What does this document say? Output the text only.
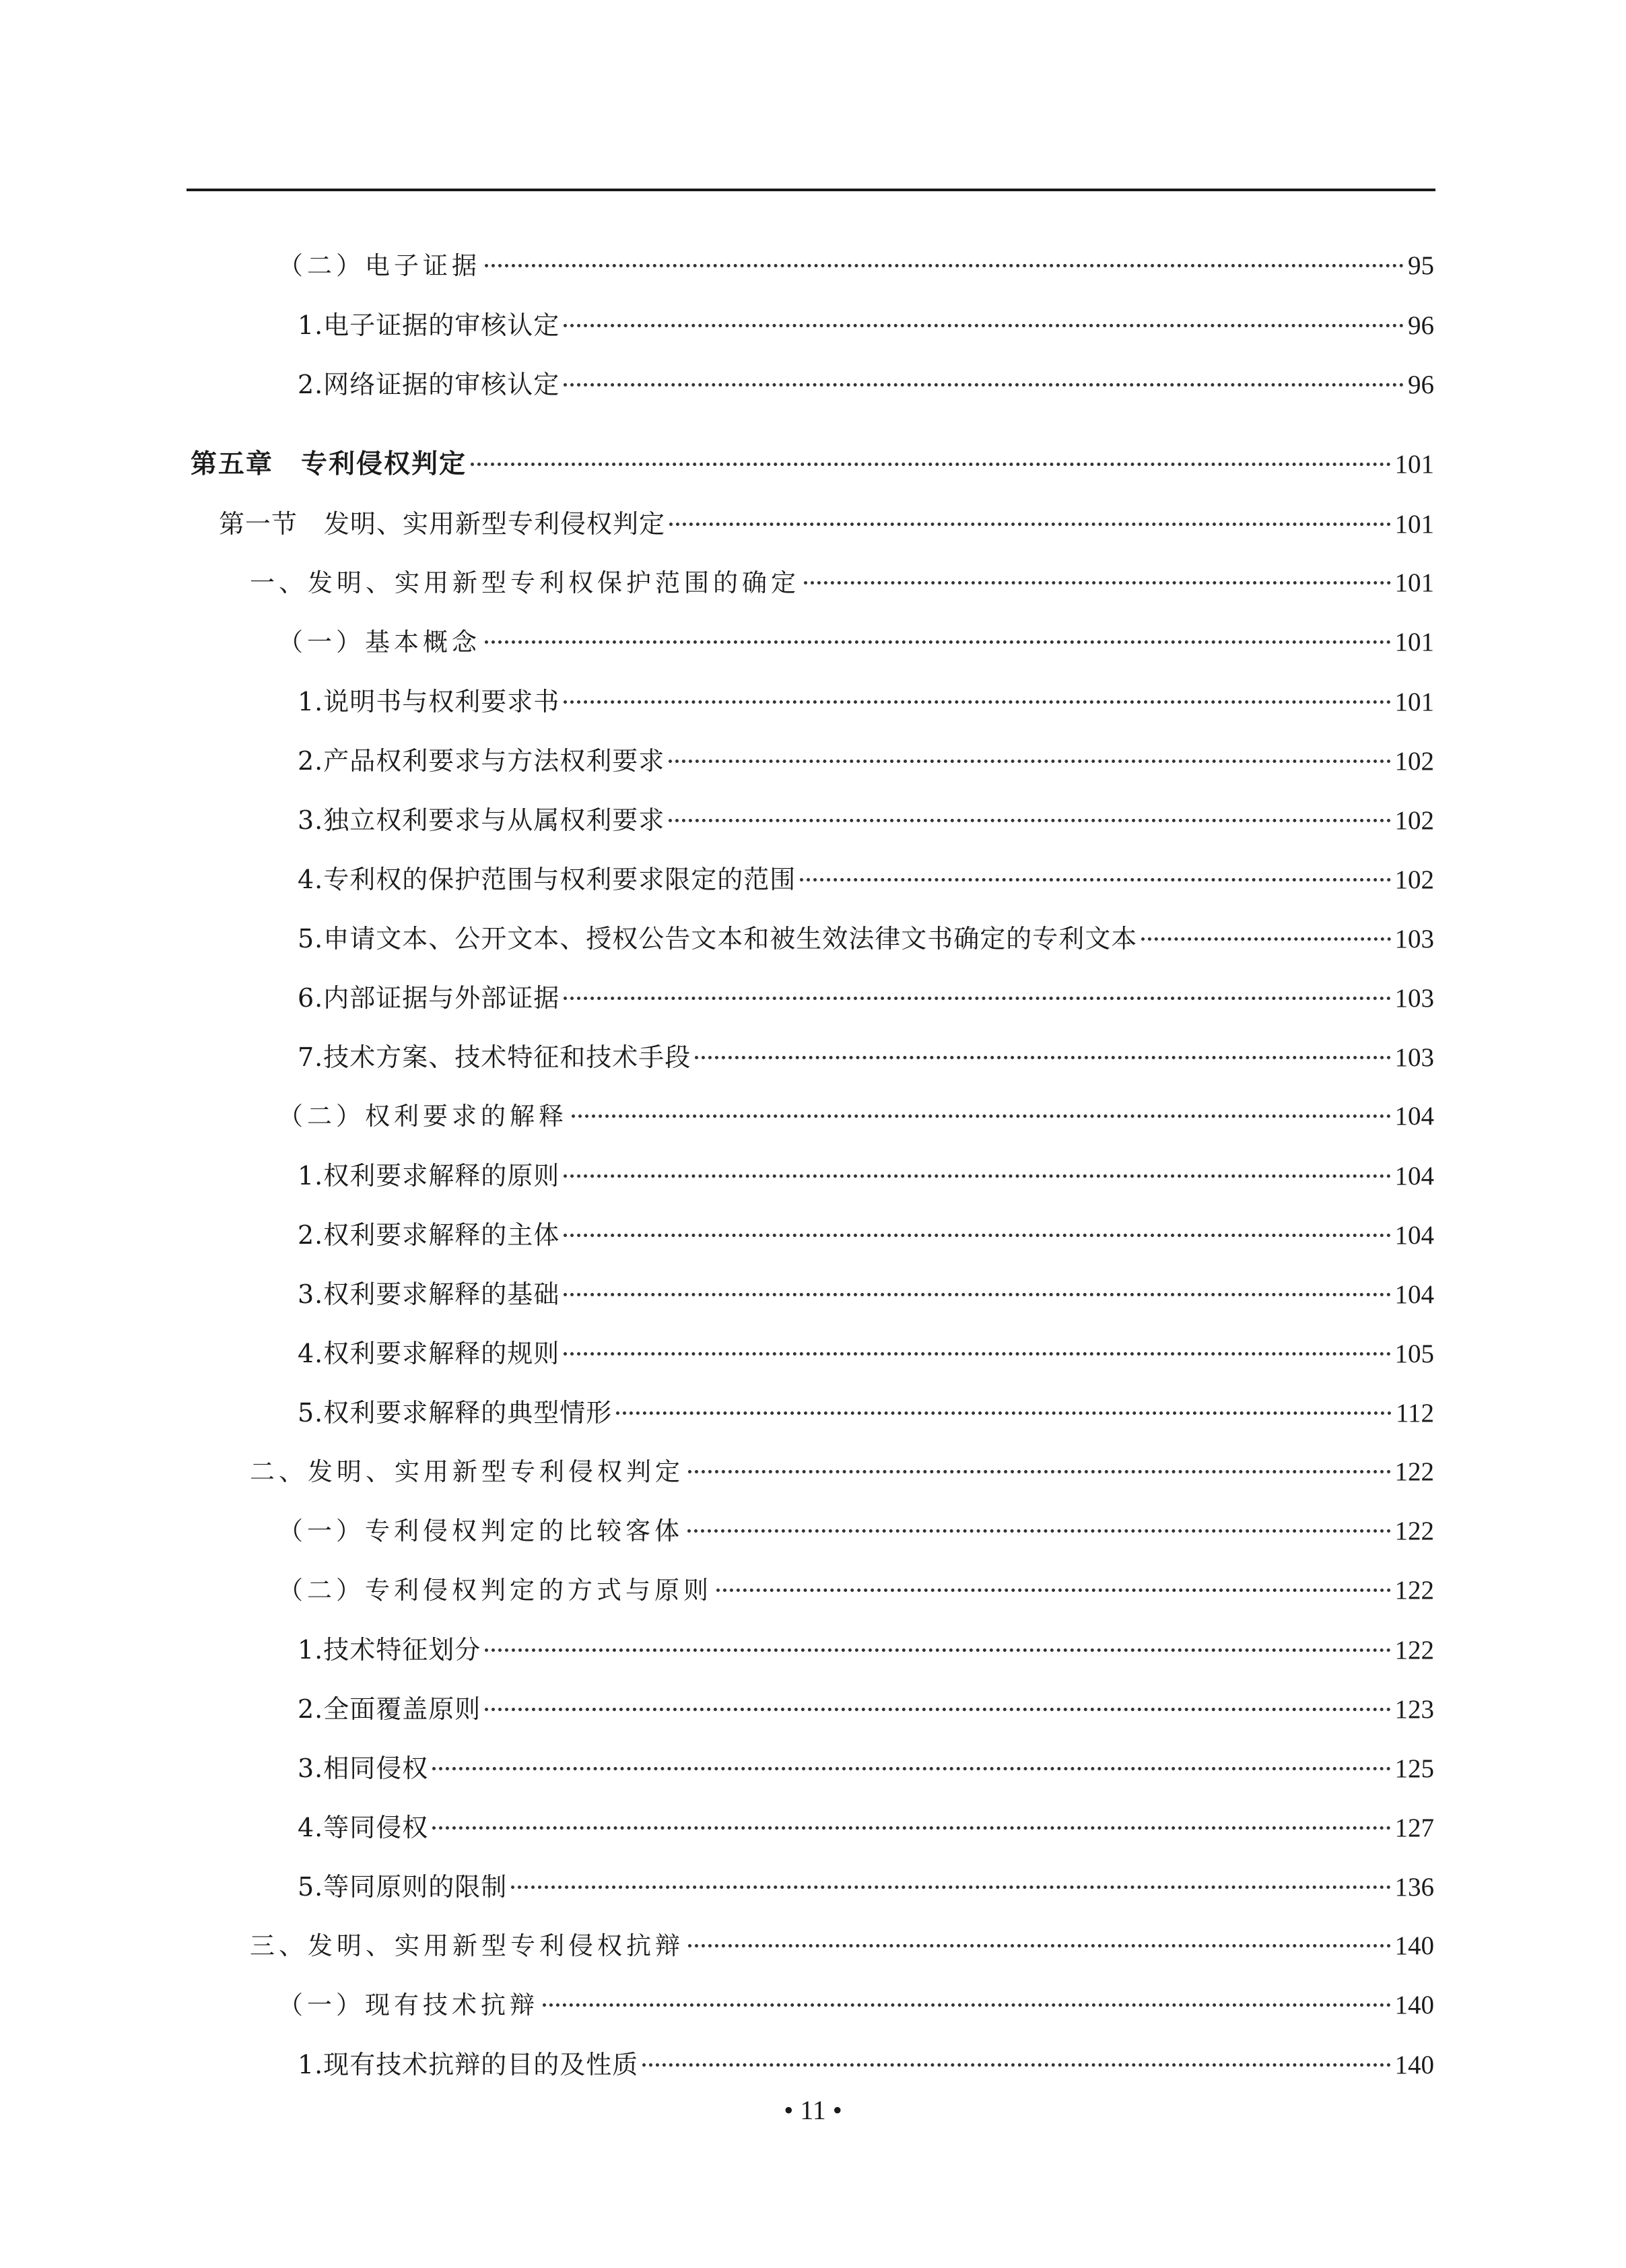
（二）电子证据	95
1.电子证据的审核认定	96
2.网络证据的审核认定	96
第五章　专利侵权判定	101
第一节　发明、实用新型专利侵权判定	101
一、发明、实用新型专利权保护范围的确定	101
（一）基本概念	101
1.说明书与权利要求书	101
2.产品权利要求与方法权利要求	102
3.独立权利要求与从属权利要求	102
4.专利权的保护范围与权利要求限定的范围	102
5.申请文本、公开文本、授权公告文本和被生效法律文书确定的专利文本	103
6.内部证据与外部证据	103
7.技术方案、技术特征和技术手段	103
（二）权利要求的解释	104
1.权利要求解释的原则	104
2.权利要求解释的主体	104
3.权利要求解释的基础	104
4.权利要求解释的规则	105
5.权利要求解释的典型情形	112
二、发明、实用新型专利侵权判定	122
（一）专利侵权判定的比较客体	122
（二）专利侵权判定的方式与原则	122
1.技术特征划分	122
2.全面覆盖原则	123
3.相同侵权	125
4.等同侵权	127
5.等同原则的限制	136
三、发明、实用新型专利侵权抗辩	140
（一）现有技术抗辩	140
1.现有技术抗辩的目的及性质	140
• 11 •
